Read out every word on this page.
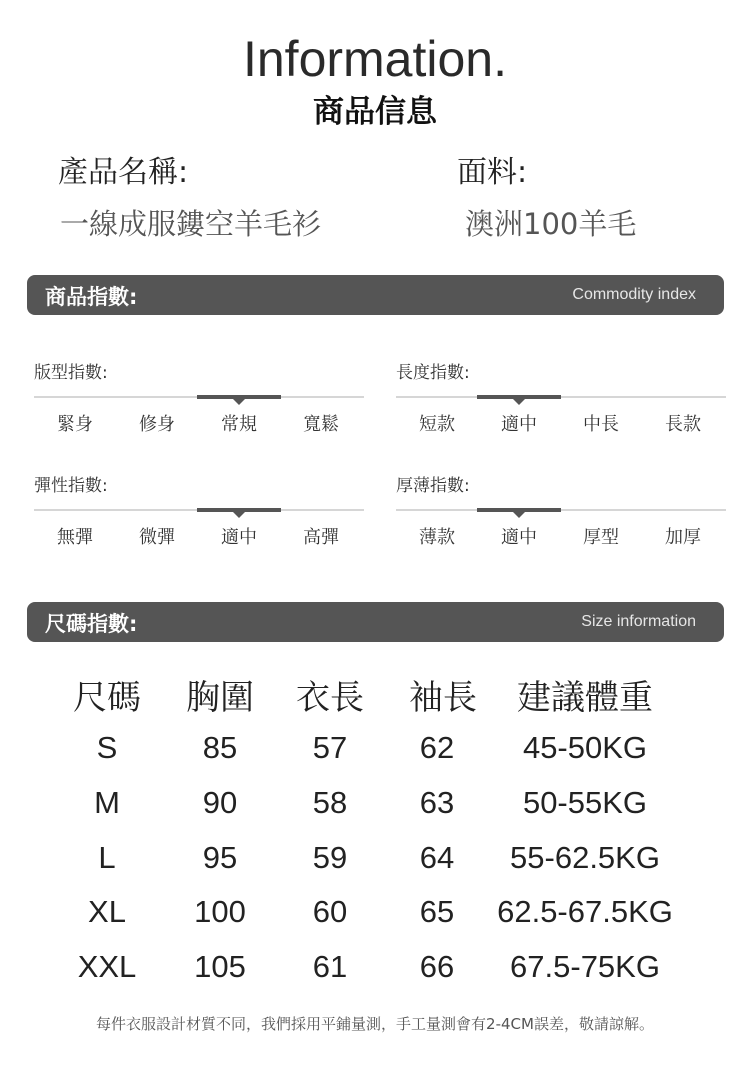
Information.
商品信息
產品名稱:
一線成服鏤空羊毛衫
面料:
澳洲100羊毛
商品指數:	Commodity index
版型指數:
緊身	修身	常規	寬鬆
長度指數:
短款	適中	中長	長款
彈性指數:
無彈	微彈	適中	高彈
厚薄指數:
薄款	適中	厚型	加厚
尺碼指數:	Size information
尺碼	胸圍	衣長	袖長	建議體重
S	85	57	62	45-50KG
M	90	58	63	50-55KG
L	95	59	64	55-62.5KG
XL	100	60	65	62.5-67.5KG
XXL	105	61	66	67.5-75KG
每件衣服設計材質不同，我們採用平鋪量測，手工量測會有2-4CM誤差，敬請諒解。
